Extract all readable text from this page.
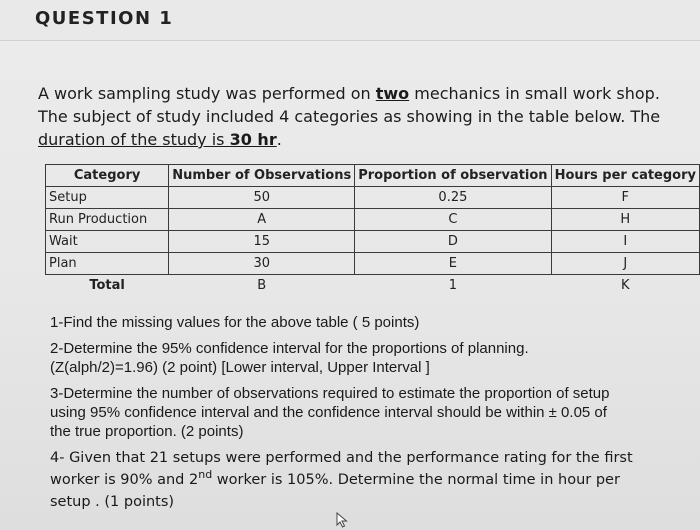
QUESTION 1
A work sampling study was performed on two mechanics in small work shop. The subject of study included 4 categories as showing in the table below. The duration of the study is 30 hr.
Category	Number of Observations	Proportion of observation	Hours per category
Setup	50	0.25	F
Run Production	A	C	H
Wait	15	D	I
Plan	30	E	J
Total	B	1	K

1-Find the missing values for the above table ( 5 points)

2-Determine the 95% confidence interval for the proportions of planning.

(Z(alph/2)=1.96) (2 point) [Lower interval, Upper Interval ]

3-Determine the number of observations required to estimate the proportion of setup

using 95% confidence interval and the confidence interval should be within ± 0.05 of

the true proportion. (2 points)

4- Given that 21 setups were performed and the performance rating for the first
worker is 90% and 2nd worker is 105%. Determine the normal time in hour per
setup . (1 points)
